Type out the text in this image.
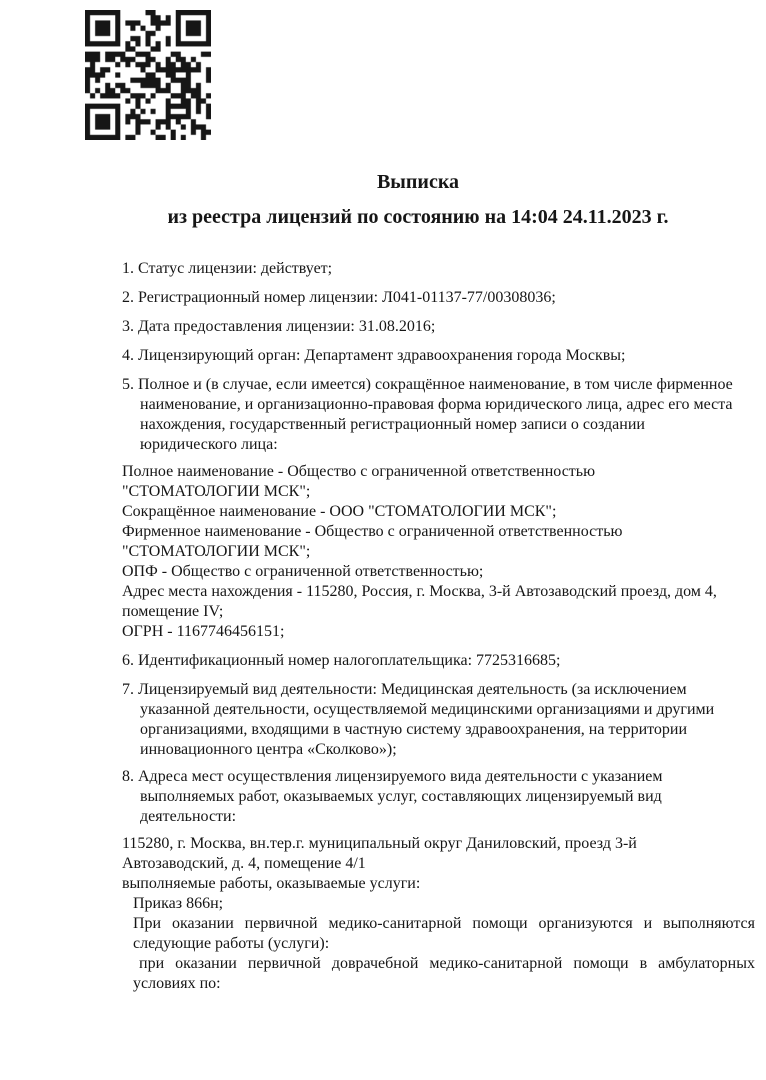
Выписка
из реестра лицензий по состоянию на 14:04 24.11.2023 г.
1. Статус лицензии: действует;
2. Регистрационный номер лицензии: Л041-01137-77/00308036;
3. Дата предоставления лицензии: 31.08.2016;
4. Лицензирующий орган: Департамент здравоохранения города Москвы;
5. Полное и (в случае, если имеется) сокращённое наименование, в том числе фирменное
наименование, и организационно-правовая форма юридического лица, адрес его места
нахождения, государственный регистрационный номер записи о создании
юридического лица:
Полное наименование - Общество с ограниченной ответственностью
"СТОМАТОЛОГИИ МСК";
Сокращённое наименование - ООО "СТОМАТОЛОГИИ МСК";
Фирменное наименование - Общество с ограниченной ответственностью
"СТОМАТОЛОГИИ МСК";
ОПФ - Общество с ограниченной ответственностью;
Адрес места нахождения - 115280, Россия, г. Москва, 3-й Автозаводский проезд, дом 4,
помещение IV;
ОГРН - 1167746456151;
6. Идентификационный номер налогоплательщика: 7725316685;
7. Лицензируемый вид деятельности: Медицинская деятельность (за исключением
указанной деятельности, осуществляемой медицинскими организациями и другими
организациями, входящими в частную систему здравоохранения, на территории
инновационного центра «Сколково»);
8. Адреса мест осуществления лицензируемого вида деятельности с указанием
выполняемых работ, оказываемых услуг, составляющих лицензируемый вид
деятельности:
115280, г. Москва, вн.тер.г. муниципальный округ Даниловский, проезд 3-й
Автозаводский, д. 4, помещение 4/1
выполняемые работы, оказываемые услуги:
Приказ 866н;
При оказании первичной медико-санитарной помощи организуются и выполняются
следующие работы (услуги):
при оказании первичной доврачебной медико-санитарной помощи в амбулаторных
условиях по:
